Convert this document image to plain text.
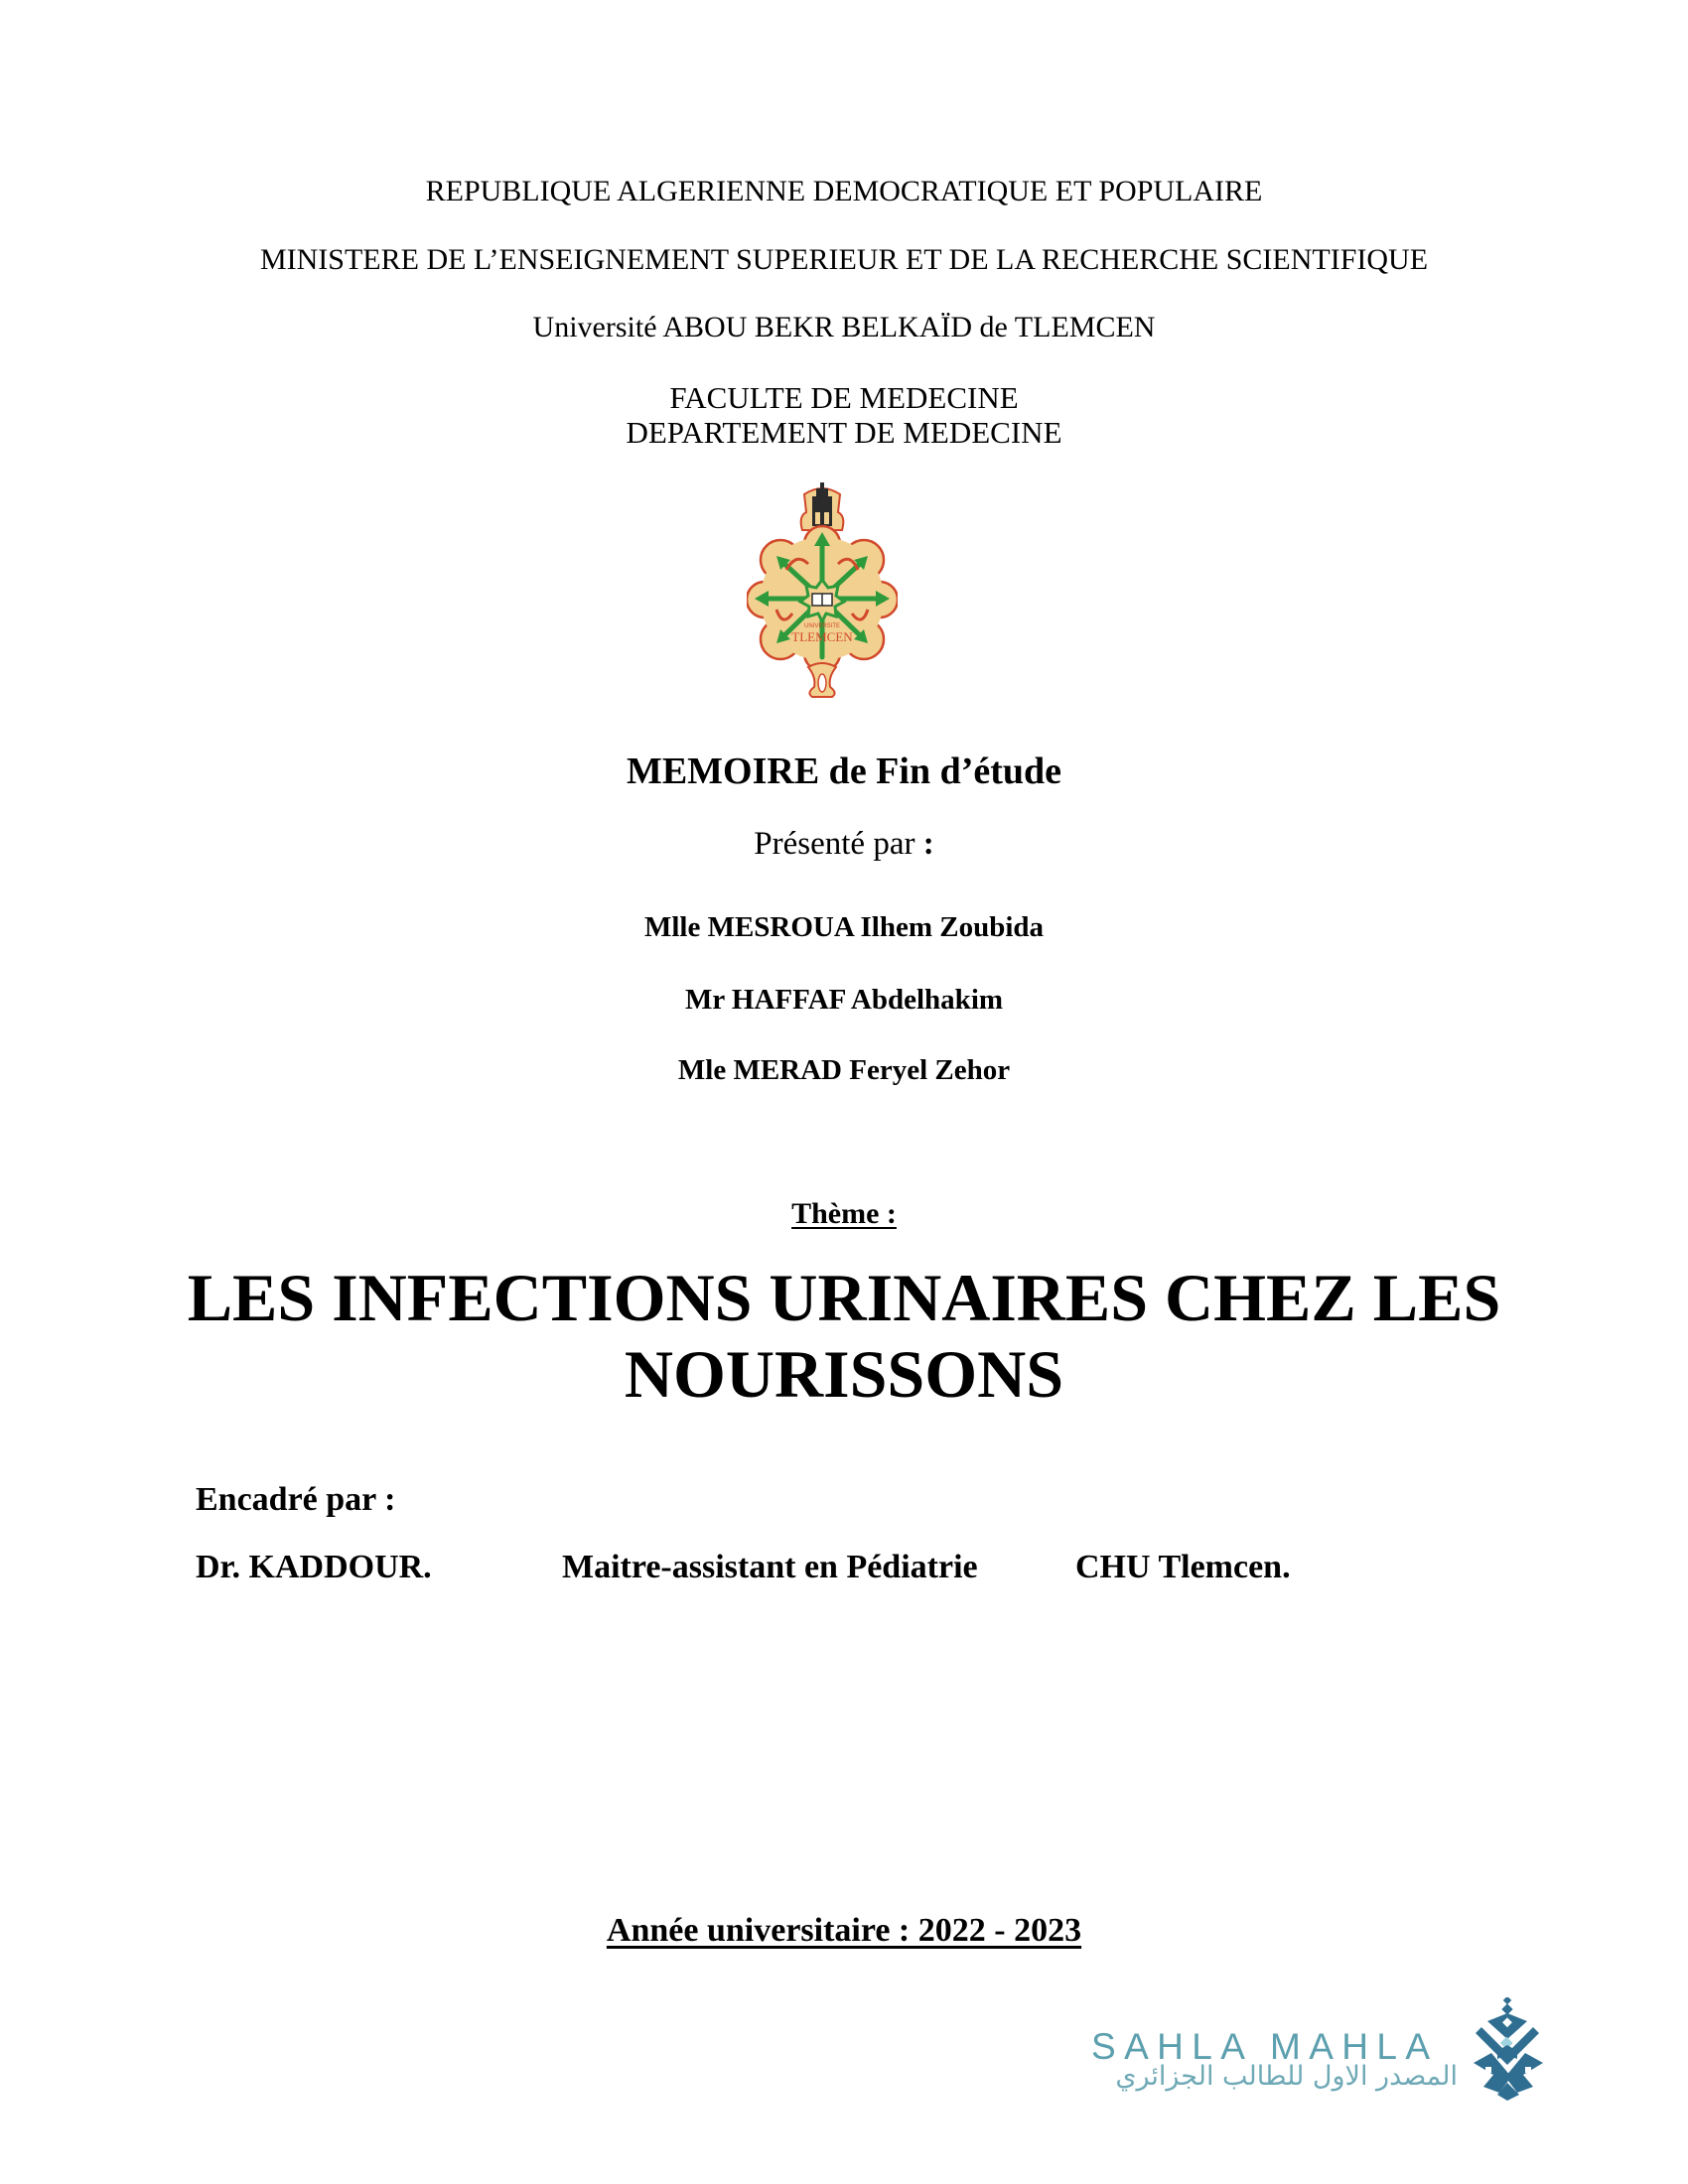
REPUBLIQUE ALGERIENNE DEMOCRATIQUE ET POPULAIRE
MINISTERE DE L’ENSEIGNEMENT SUPERIEUR ET DE LA RECHERCHE SCIENTIFIQUE
Université ABOU BEKR BELKAÏD de TLEMCEN
FACULTE DE MEDECINE
DEPARTEMENT DE MEDECINE
UNIVERSITE
TLEMCEN
MEMOIRE de Fin d’étude
Présenté par :
Mlle MESROUA Ilhem Zoubida
Mr HAFFAF Abdelhakim
Mle MERAD Feryel Zehor
Thème :
LES INFECTIONS URINAIRES CHEZ LES
NOURISSONS
Encadré par :
Dr. KADDOUR.	Maitre-assistant en Pédiatrie	CHU Tlemcen.
Année universitaire : 2022 - 2023
SAHLA MAHLA
المصدر الاول للطالب الجزائري
